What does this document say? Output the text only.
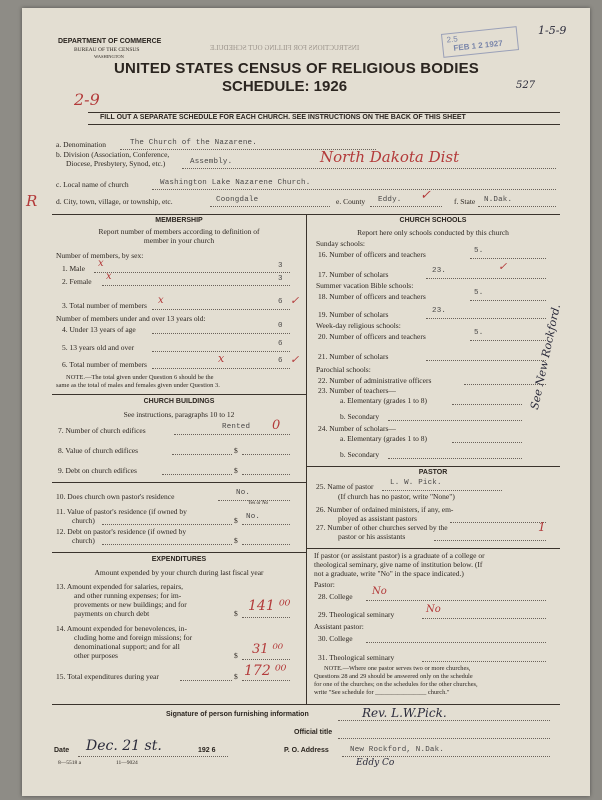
DEPARTMENT OF COMMERCE
BUREAU OF THE CENSUS
WASHINGTON
INSTRUCTIONS FOR FILLING OUT SCHEDULE
UNITED STATES CENSUS OF RELIGIOUS BODIES
SCHEDULE: 1926
2.5
FEB 1 2 1927
1-5-9
527
2-9
FILL OUT A SEPARATE SCHEDULE FOR EACH CHURCH. SEE INSTRUCTIONS ON THE BACK OF THIS SHEET
a. Denomination	The Church of the Nazarene.
b. Division (Association, Conference,
Diocese, Presbytery, Synod, etc.)	Assembly.	North Dakota Dist
c. Local name of church	Washington Lake Nazarene Church.
d. City, town, village, or township, etc.	Coongdale	e. County Eddy. ✓	f. State N.Dak.
R
MEMBERSHIP
Report number of members according to definition of
member in your church
Number of members, by sex:
1. Male x	3
2. Female x	3
3. Total number of members x	6 ✓
Number of members under and over 13 years old:
4. Under 13 years of age	0
5. 13 years old and over	6
6. Total number of members	x	6 ✓
NOTE.—The total given under Question 6 should be the
same as the total of males and females given under Question 3.
CHURCH BUILDINGS
See instructions, paragraphs 10 to 12
7. Number of church edifices	Rented 0
8. Value of church edifices	$
9. Debt on church edifices	$
10. Does church own pastor's residence	No.
Yes or No
11. Value of pastor's residence (if owned by
church)	$ No.
12. Debt on pastor's residence (if owned by
church)	$
EXPENDITURES
Amount expended by your church during last fiscal year
13. Amount expended for salaries, repairs,
and other running expenses; for im-
provements or new buildings; and for
payments on church debt	$ 141 ⁰⁰
14. Amount expended for benevolences, in-
cluding home and foreign missions; for
denominational support; and for all
other purposes	$ 31 ⁰⁰
15. Total expenditures during year	$ 172 ⁰⁰
CHURCH SCHOOLS
Report here only schools conducted by this church
Sunday schools:
16. Number of officers and teachers	5.
17. Number of scholars	23.	✓
Summer vacation Bible schools:
18. Number of officers and teachers	5.
19. Number of scholars	23.
Week-day religious schools:
20. Number of officers and teachers	5.
21. Number of scholars
Parochial schools:
22. Number of administrative officers
23. Number of teachers—
a. Elementary (grades 1 to 8)
b. Secondary
24. Number of scholars—
a. Elementary (grades 1 to 8)
b. Secondary
PASTOR
25. Name of pastor L. W. Pick.
(If church has no pastor, write "None")
26. Number of ordained ministers, if any, em-
ployed as assistant pastors
27. Number of other churches served by the
pastor or his assistants
1
If pastor (or assistant pastor) is a graduate of a college or
theological seminary, give name of institution below. (If
not a graduate, write "No" in the space indicated.)
Pastor:
28. College No
29. Theological seminary	No
Assistant pastor:
30. College
31. Theological seminary
NOTE.—Where one pastor serves two or more churches,
Questions 28 and 29 should be answered only on the schedule
for one of the churches; on the schedules for the other churches,
write "See schedule for ________________ church."
See New Rockford.
Signature of person furnishing information	Rev. L.W.Pick.
Official title
Date Dec. 21 st.	192 6	P. O. Address	New Rockford, N.Dak.
Eddy Co
8—5518 a	11—9024
